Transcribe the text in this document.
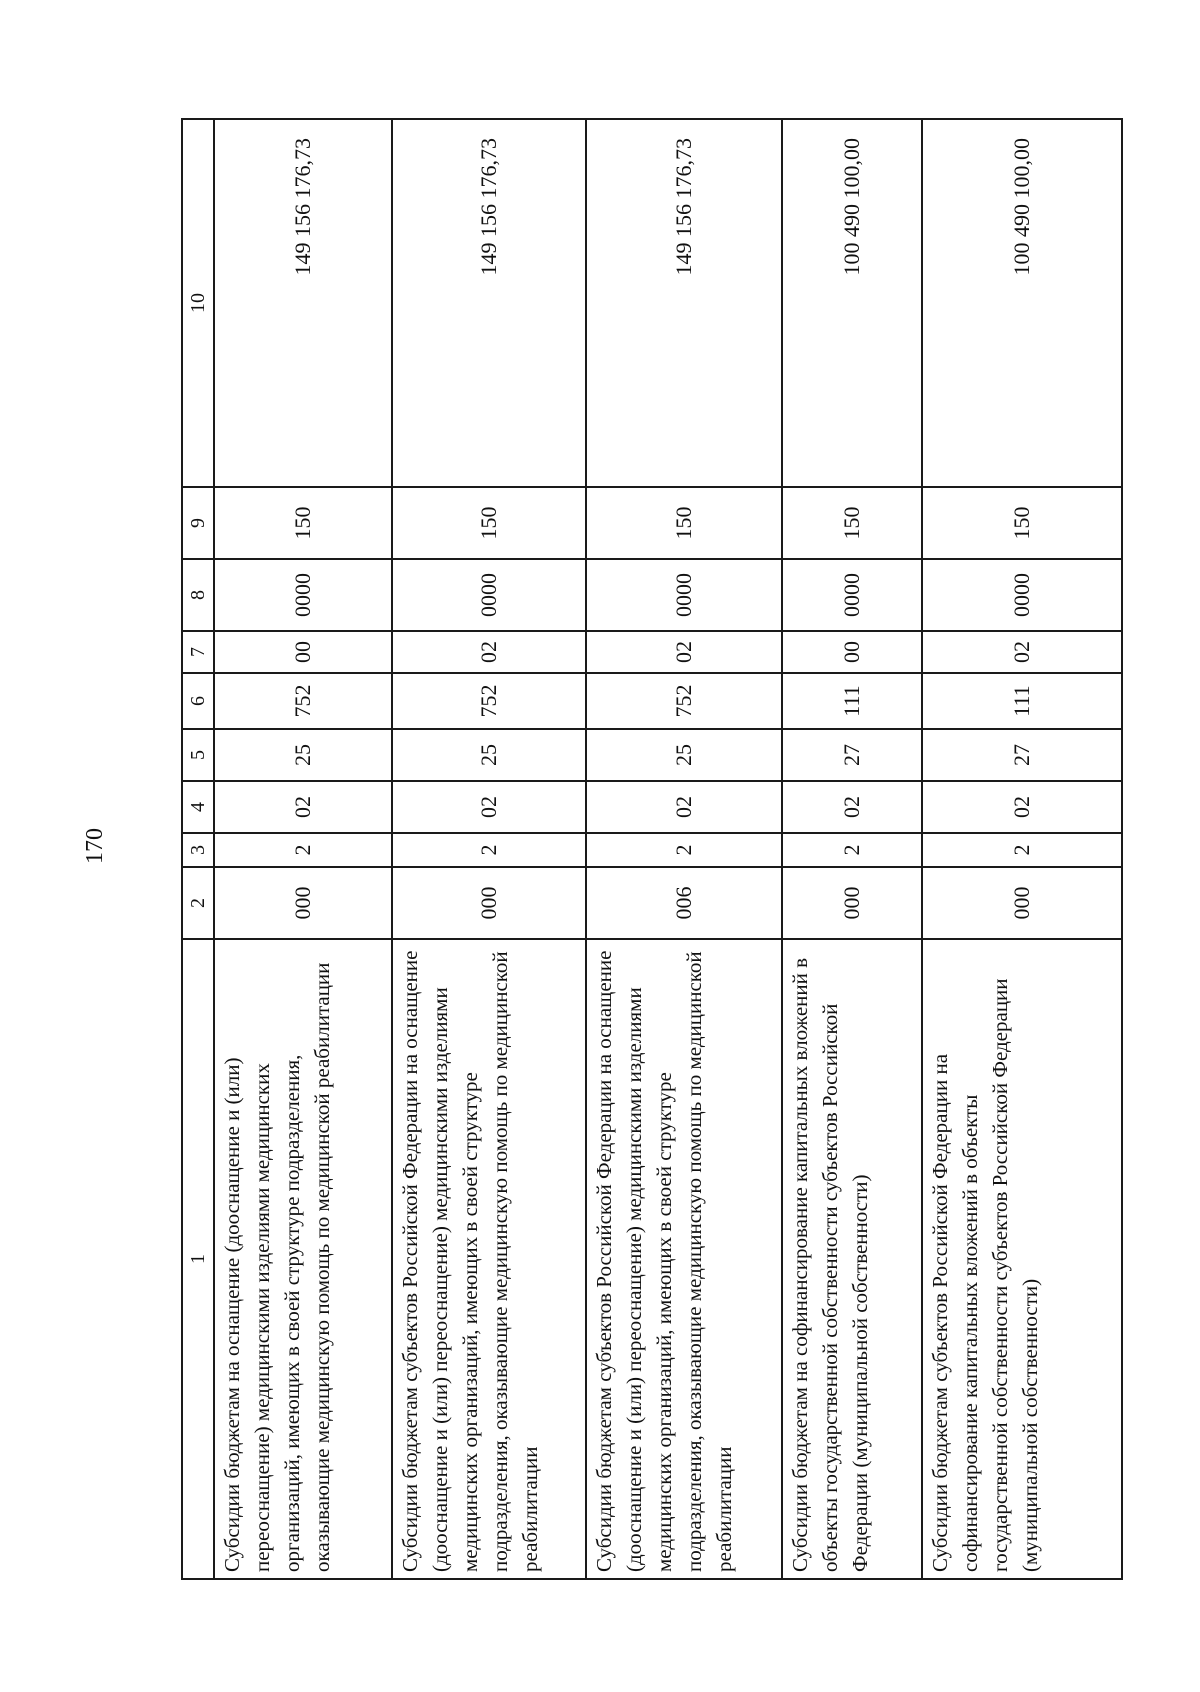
170
1	2	3	4	5	6	7	8	9	10
Субсидии бюджетам на оснащение (дооснащение и (или) переоснащение) медицинскими изделиями медицинских организаций, имеющих в своей структуре подразделения, оказывающие медицинскую помощь по медицинской реабилитации	000	2	02	25	752	00	0000	150	149 156 176,73
Субсидии бюджетам субъектов Российской Федерации на оснащение (дооснащение и (или) переоснащение) медицинскими изделиями медицинских организаций, имеющих в своей структуре подразделения, оказывающие медицинскую помощь по медицинской реабилитации	000	2	02	25	752	02	0000	150	149 156 176,73
Субсидии бюджетам субъектов Российской Федерации на оснащение (дооснащение и (или) переоснащение) медицинскими изделиями медицинских организаций, имеющих в своей структуре подразделения, оказывающие медицинскую помощь по медицинской реабилитации	006	2	02	25	752	02	0000	150	149 156 176,73
Субсидии бюджетам на софинансирование капитальных вложений в объекты государственной собственности субъектов Российской Федерации (муниципальной собственности)	000	2	02	27	111	00	0000	150	100 490 100,00
Субсидии бюджетам субъектов Российской Федерации на софинансирование капитальных вложений в объекты государственной собственности субъектов Российской Федерации (муниципальной собственности)	000	2	02	27	111	02	0000	150	100 490 100,00
